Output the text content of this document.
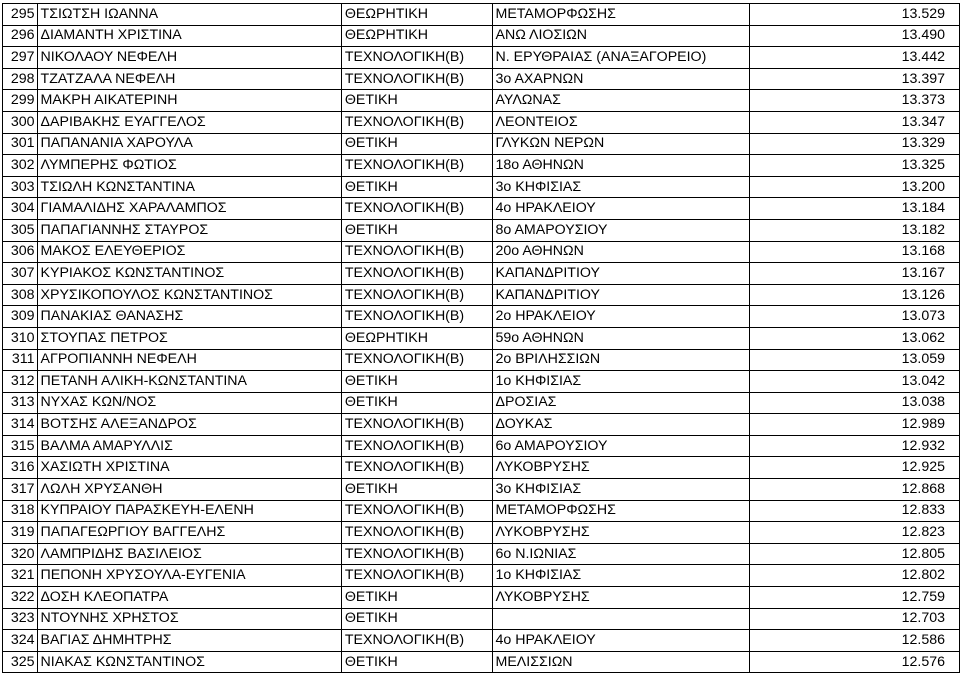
295	ΤΣΙΩΤΣΗ ΙΩΑΝΝΑ	ΘΕΩΡΗΤΙΚΗ	ΜΕΤΑΜΟΡΦΩΣΗΣ	13.529
296	ΔΙΑΜΑΝΤΗ ΧΡΙΣΤΙΝΑ	ΘΕΩΡΗΤΙΚΗ	ΑΝΩ ΛΙΟΣΙΩΝ	13.490
297	ΝΙΚΟΛΑΟΥ ΝΕΦΕΛΗ	ΤΕΧΝΟΛΟΓΙΚΗ(Β)	Ν. ΕΡΥΘΡΑΙΑΣ (ΑΝΑΞΑΓΟΡΕΙΟ)	13.442
298	ΤΖΑΤΖΑΛΑ ΝΕΦΕΛΗ	ΤΕΧΝΟΛΟΓΙΚΗ(Β)	3ο ΑΧΑΡΝΩΝ	13.397
299	ΜΑΚΡΗ ΑΙΚΑΤΕΡΙΝΗ	ΘΕΤΙΚΗ	ΑΥΛΩΝΑΣ	13.373
300	ΔΑΡΙΒΑΚΗΣ ΕΥΑΓΓΕΛΟΣ	ΤΕΧΝΟΛΟΓΙΚΗ(Β)	ΛΕΟΝΤΕΙΟΣ	13.347
301	ΠΑΠΑΝΑΝΙΑ ΧΑΡΟΥΛΑ	ΘΕΤΙΚΗ	ΓΛΥΚΩΝ ΝΕΡΩΝ	13.329
302	ΛΥΜΠΕΡΗΣ ΦΩΤΙΟΣ	ΤΕΧΝΟΛΟΓΙΚΗ(Β)	18ο ΑΘΗΝΩΝ	13.325
303	ΤΣΙΩΛΗ ΚΩΝΣΤΑΝΤΙΝΑ	ΘΕΤΙΚΗ	3ο ΚΗΦΙΣΙΑΣ	13.200
304	ΓΙΑΜΑΛΙΔΗΣ ΧΑΡΑΛΑΜΠΟΣ	ΤΕΧΝΟΛΟΓΙΚΗ(Β)	4ο ΗΡΑΚΛΕΙΟΥ	13.184
305	ΠΑΠΑΓΙΑΝΝΗΣ ΣΤΑΥΡΟΣ	ΘΕΤΙΚΗ	8ο ΑΜΑΡΟΥΣΙΟΥ	13.182
306	ΜΑΚΟΣ ΕΛΕΥΘΕΡΙΟΣ	ΤΕΧΝΟΛΟΓΙΚΗ(Β)	20ο ΑΘΗΝΩΝ	13.168
307	ΚΥΡΙΑΚΟΣ ΚΩΝΣΤΑΝΤΙΝΟΣ	ΤΕΧΝΟΛΟΓΙΚΗ(Β)	ΚΑΠΑΝΔΡΙΤΙΟΥ	13.167
308	ΧΡΥΣΙΚΟΠΟΥΛΟΣ ΚΩΝΣΤΑΝΤΙΝΟΣ	ΤΕΧΝΟΛΟΓΙΚΗ(Β)	ΚΑΠΑΝΔΡΙΤΙΟΥ	13.126
309	ΠΑΝΑΚΙΑΣ ΘΑΝΑΣΗΣ	ΤΕΧΝΟΛΟΓΙΚΗ(Β)	2ο ΗΡΑΚΛΕΙΟΥ	13.073
310	ΣΤΟΥΠΑΣ ΠΕΤΡΟΣ	ΘΕΩΡΗΤΙΚΗ	59ο ΑΘΗΝΩΝ	13.062
311	ΑΓΡΟΠΙΑΝΝΗ ΝΕΦΕΛΗ	ΤΕΧΝΟΛΟΓΙΚΗ(Β)	2ο ΒΡΙΛΗΣΣΙΩΝ	13.059
312	ΠΕΤΑΝΗ ΑΛΙΚΗ-ΚΩΝΣΤΑΝΤΙΝΑ	ΘΕΤΙΚΗ	1ο ΚΗΦΙΣΙΑΣ	13.042
313	ΝΥΧΑΣ ΚΩΝ/ΝΟΣ	ΘΕΤΙΚΗ	ΔΡΟΣΙΑΣ	13.038
314	ΒΟΤΣΗΣ ΑΛΕΞΑΝΔΡΟΣ	ΤΕΧΝΟΛΟΓΙΚΗ(Β)	ΔΟΥΚΑΣ	12.989
315	ΒΑΛΜΑ ΑΜΑΡΥΛΛΙΣ	ΤΕΧΝΟΛΟΓΙΚΗ(Β)	6ο ΑΜΑΡΟΥΣΙΟΥ	12.932
316	ΧΑΣΙΩΤΗ ΧΡΙΣΤΙΝΑ	ΤΕΧΝΟΛΟΓΙΚΗ(Β)	ΛΥΚΟΒΡΥΣΗΣ	12.925
317	ΛΩΛΗ ΧΡΥΣΑΝΘΗ	ΘΕΤΙΚΗ	3ο ΚΗΦΙΣΙΑΣ	12.868
318	ΚΥΠΡΑΙΟΥ ΠΑΡΑΣΚΕΥΗ-ΕΛΕΝΗ	ΤΕΧΝΟΛΟΓΙΚΗ(Β)	ΜΕΤΑΜΟΡΦΩΣΗΣ	12.833
319	ΠΑΠΑΓΕΩΡΓΙΟΥ ΒΑΓΓΕΛΗΣ	ΤΕΧΝΟΛΟΓΙΚΗ(Β)	ΛΥΚΟΒΡΥΣΗΣ	12.823
320	ΛΑΜΠΡΙΔΗΣ ΒΑΣΙΛΕΙΟΣ	ΤΕΧΝΟΛΟΓΙΚΗ(Β)	6ο Ν.ΙΩΝΙΑΣ	12.805
321	ΠΕΠΟΝΗ ΧΡΥΣΟΥΛΑ-ΕΥΓΕΝΙΑ	ΤΕΧΝΟΛΟΓΙΚΗ(Β)	1ο ΚΗΦΙΣΙΑΣ	12.802
322	ΔΟΣΗ ΚΛΕΟΠΑΤΡΑ	ΘΕΤΙΚΗ	ΛΥΚΟΒΡΥΣΗΣ	12.759
323	ΝΤΟΥΝΗΣ ΧΡΗΣΤΟΣ	ΘΕΤΙΚΗ		12.703
324	ΒΑΓΙΑΣ ΔΗΜΗΤΡΗΣ	ΤΕΧΝΟΛΟΓΙΚΗ(Β)	4ο ΗΡΑΚΛΕΙΟΥ	12.586
325	ΝΙΑΚΑΣ ΚΩΝΣΤΑΝΤΙΝΟΣ	ΘΕΤΙΚΗ	ΜΕΛΙΣΣΙΩΝ	12.576
